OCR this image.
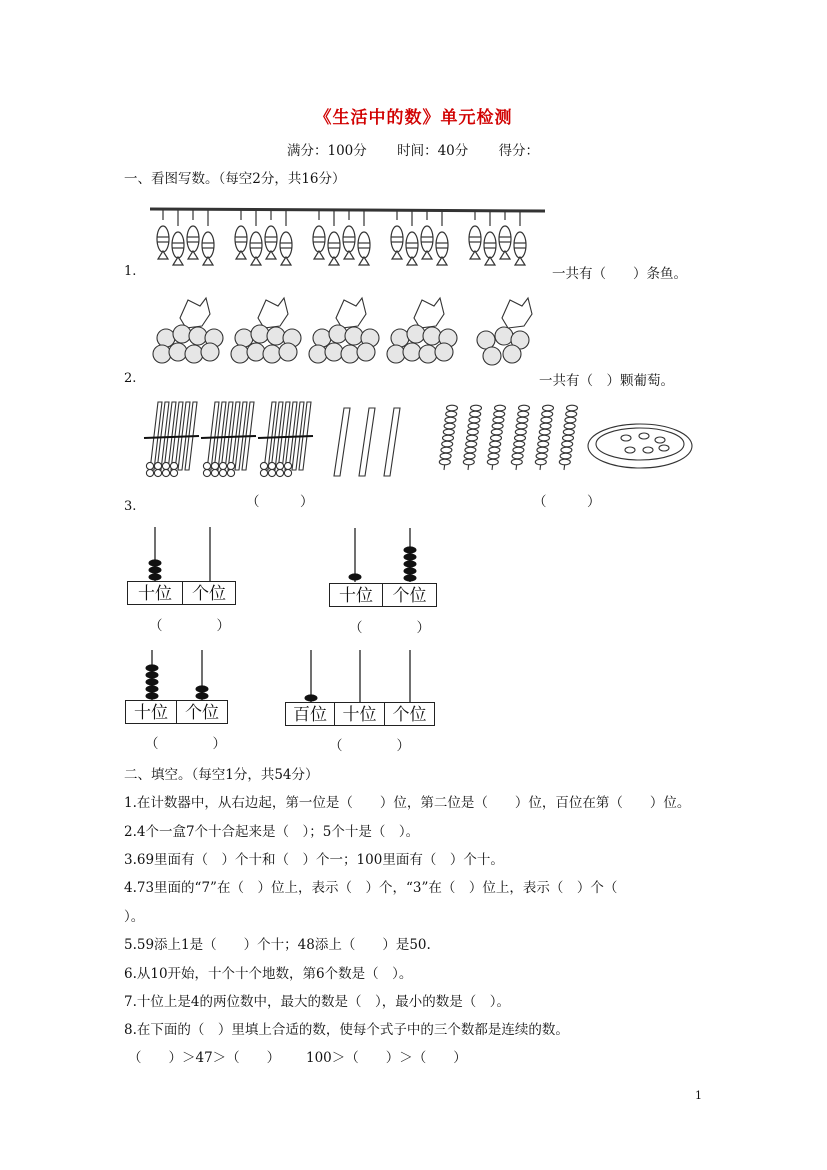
《生活中的数》单元检测
满分：100分 时间：40分 得分：
一、看图写数。（每空2分，共16分）
1.	一共有（　　）条鱼。
2.	一共有（　）颗葡萄。
（　　　）	（　　　）
3.
十位	个位
（　　　　）
十位	个位
（　　　　）
十位	个位
（　　　　）
百位 十位 个位
（　　　　）
二、填空。（每空1分，共54分）
1.在计数器中，从右边起，第一位是（　　）位，第二位是（　　）位，百位在第（　　）位。
2.4个一盒7个十合起来是（　）；5个十是（　）。
3.69里面有（　）个十和（　）个一；100里面有（　）个十。
4.73里面的“7”在（　）位上，表示（　）个，“3”在（　）位上，表示（　）个（
）。
5.59添上1是（　　）个十；48添上（　　）是50.
6.从10开始，十个十个地数，第6个数是（　）。
7.十位上是4的两位数中，最大的数是（　），最小的数是（　）。
8.在下面的（　）里填上合适的数，使每个式子中的三个数都是连续的数。
（　　）＞47＞（　　） 100＞（　　）＞（　　）
1
